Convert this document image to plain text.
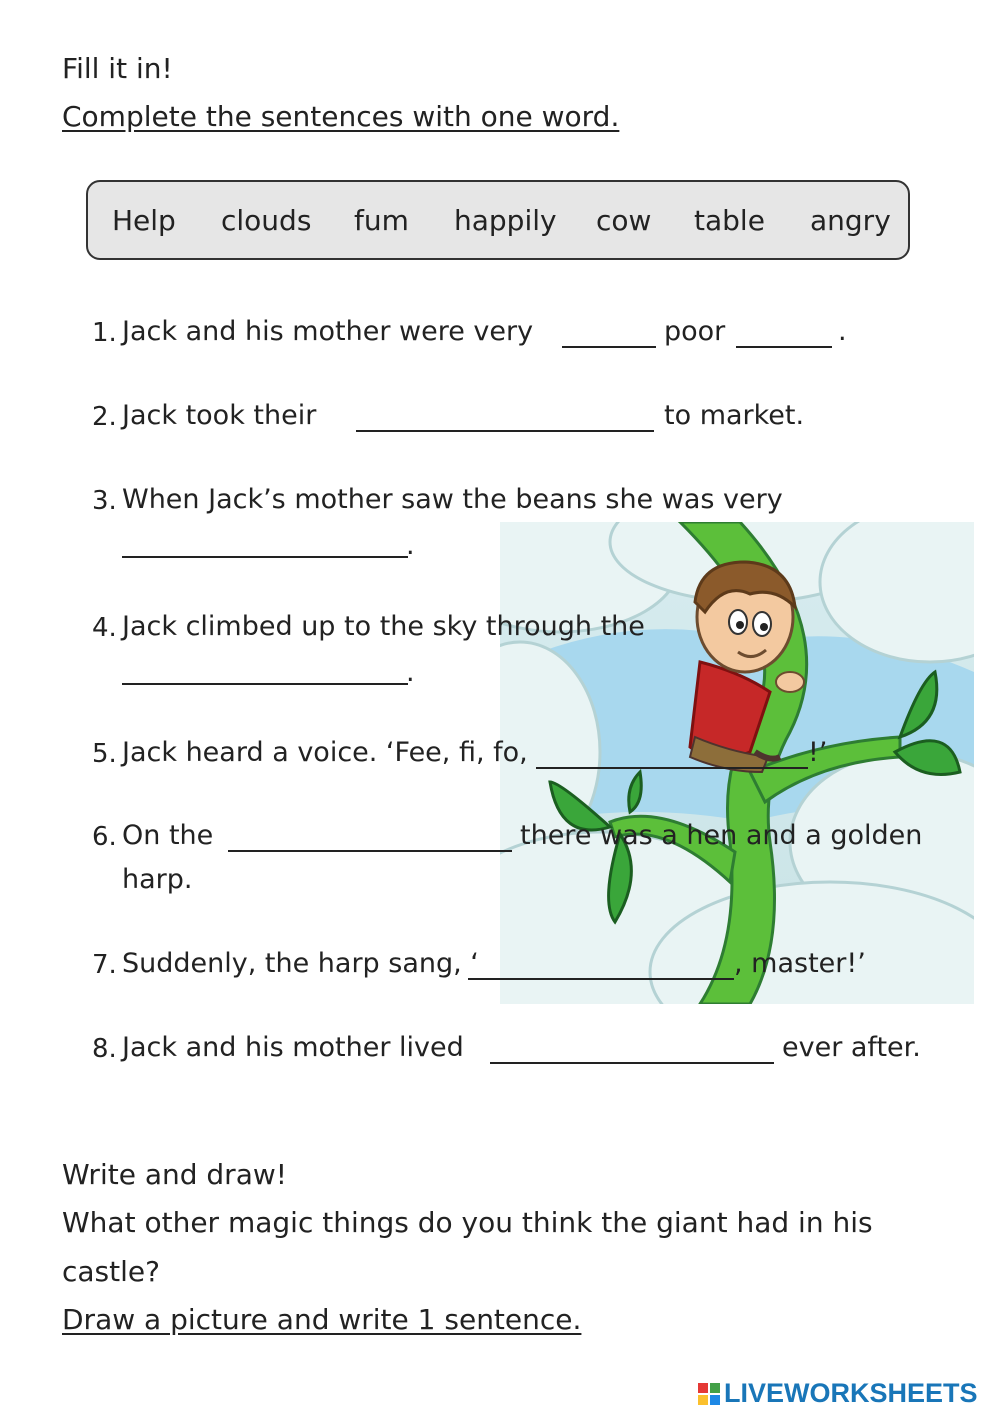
Fill it in!
Complete the sentences with one word.
Help clouds fum happily cow table angry
1. Jack and his mother were very	poor	.
2. Jack took their	to market.
3. When Jack’s mother saw the beans she was very
.
4. Jack climbed up to the sky through the
.
5. Jack heard a voice. ‘Fee, fi, fo,	!’
6. On the	there was a hen and a golden
harp.
7. Suddenly, the harp sang, ‘	, master!’
8. Jack and his mother lived	ever after.
Write and draw!
What other magic things do you think the giant had in his
castle?
Draw a picture and write 1 sentence.
LIVEWORKSHEETS
